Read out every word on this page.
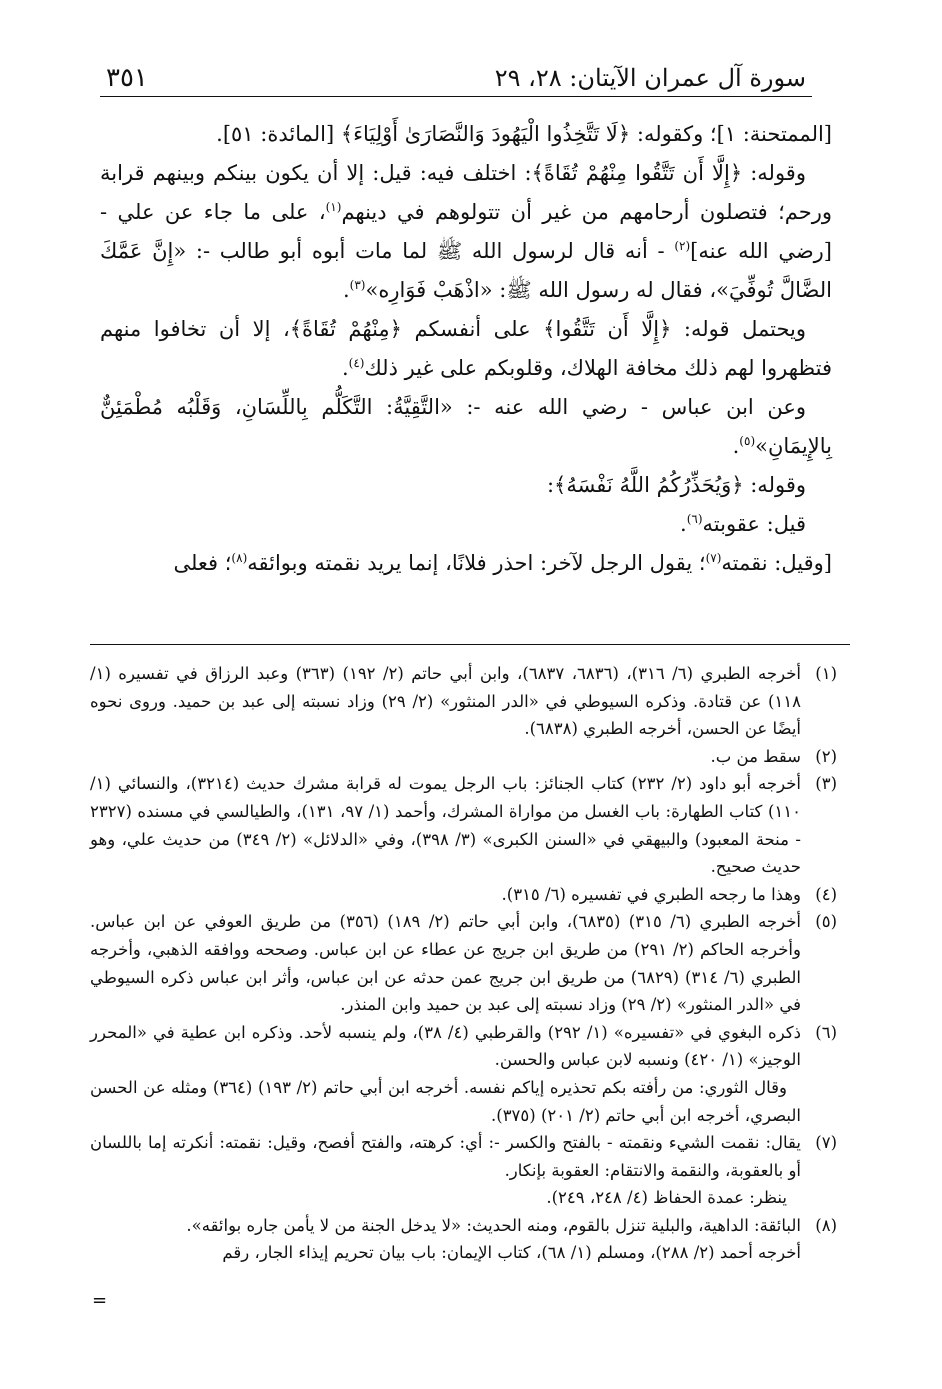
سورة آل عمران الآيتان: ٢٨، ٢٩
٣٥١

[الممتحنة: ١]؛ وكقوله: ﴿لَا تَتَّخِذُوا الْيَهُودَ وَالنَّصَارَىٰ أَوْلِيَاءَ﴾ [المائدة: ٥١].

وقوله: ﴿إِلَّا أَن تَتَّقُوا مِنْهُمْ تُقَاةً﴾: اختلف فيه: قيل: إلا أن يكون بينكم وبينهم قرابة ورحم؛ فتصلون أرحامهم من غير أن تتولوهم في دينهم$^{(١)}$، على ما جاء عن علي - [رضي الله عنه]$^{(٢)}$ - أنه قال لرسول الله ﷺ لما مات أبوه أبو طالب -: «إِنَّ عَمَّكَ الضَّالَّ تُوفِّيَ»، فقال له رسول الله ﷺ: «اذْهَبْ فَوَارِه»$^{(٣)}$.

ويحتمل قوله: ﴿إِلَّا أَن تَتَّقُوا﴾ على أنفسكم ﴿مِنْهُمْ تُقَاةً﴾، إلا أن تخافوا منهم فتظهروا لهم ذلك مخافة الهلاك، وقلوبكم على غير ذلك$^{(٤)}$.

وعن ابن عباس - رضي الله عنه -: «التَّقِيَّةُ: التَّكَلُّم بِاللِّسَانِ، وَقَلْبُه مُطْمَئِنٌّ بِالإِيمَانِ»$^{(٥)}$.

وقوله: ﴿وَيُحَذِّرُكُمُ اللَّهُ نَفْسَهُ﴾:

قيل: عقوبته$^{(٦)}$.

[وقيل: نقمته$^{(٧)}$؛ يقول الرجل لآخر: احذر فلانًا، إنما يريد نقمته وبوائقه$^{(٨)}$؛ فعلى

(١)

أخرجه الطبري (٦/ ٣١٦)، (٦٨٣٦، ٦٨٣٧)، وابن أبي حاتم (٢/ ١٩٢) (٣٦٣) وعبد الرزاق في تفسيره (١/ ١١٨) عن قتادة. وذكره السيوطي في «الدر المنثور» (٢/ ٢٩) وزاد نسبته إلى عبد بن حميد. وروى نحوه أيضًا عن الحسن، أخرجه الطبري (٦٨٣٨).

(٢)

سقط من ب.

(٣)

أخرجه أبو داود (٢/ ٢٣٢) كتاب الجنائز: باب الرجل يموت له قرابة مشرك حديث (٣٢١٤)، والنسائي (١/ ١١٠) كتاب الطهارة: باب الغسل من مواراة المشرك، وأحمد (١/ ٩٧، ١٣١)، والطيالسي في مسنده (٢٣٢٧ - منحة المعبود) والبيهقي في «السنن الكبرى» (٣/ ٣٩٨)، وفي «الدلائل» (٢/ ٣٤٩) من حديث علي، وهو حديث صحيح.

(٤)

وهذا ما رجحه الطبري في تفسيره (٦/ ٣١٥).

(٥)

أخرجه الطبري (٦/ ٣١٥) (٦٨٣٥)، وابن أبي حاتم (٢/ ١٨٩) (٣٥٦) من طريق العوفي عن ابن عباس. وأخرجه الحاكم (٢/ ٢٩١) من طريق ابن جريج عن عطاء عن ابن عباس. وصححه ووافقه الذهبي، وأخرجه الطبري (٦/ ٣١٤) (٦٨٢٩) من طريق ابن جريج عمن حدثه عن ابن عباس، وأثر ابن عباس ذكره السيوطي في «الدر المنثور» (٢/ ٢٩) وزاد نسبته إلى عبد بن حميد وابن المنذر.

(٦)

ذكره البغوي في «تفسيره» (١/ ٢٩٢) والقرطبي (٤/ ٣٨)، ولم ينسبه لأحد. وذكره ابن عطية في «المحرر الوجيز» (١/ ٤٢٠) ونسبه لابن عباس والحسن.

وقال الثوري: من رأفته بكم تحذيره إياكم نفسه. أخرجه ابن أبي حاتم (٢/ ١٩٣) (٣٦٤) ومثله عن الحسن البصري، أخرجه ابن أبي حاتم (٢/ ٢٠١) (٣٧٥).

(٧)

يقال: نقمت الشيء ونقمته - بالفتح والكسر -: أي: كرهته، والفتح أفصح، وقيل: نقمته: أنكرته إما باللسان أو بالعقوبة، والنقمة والانتقام: العقوبة بإنكار.

ينظر: عمدة الحفاظ (٤/ ٢٤٨، ٢٤٩).

(٨)

البائقة: الداهية، والبلية تنزل بالقوم، ومنه الحديث: «لا يدخل الجنة من لا يأمن جاره بوائقه».

أخرجه أحمد (٢/ ٢٨٨)، ومسلم (١/ ٦٨)، كتاب الإيمان: باب بيان تحريم إيذاء الجار، رقم

=
